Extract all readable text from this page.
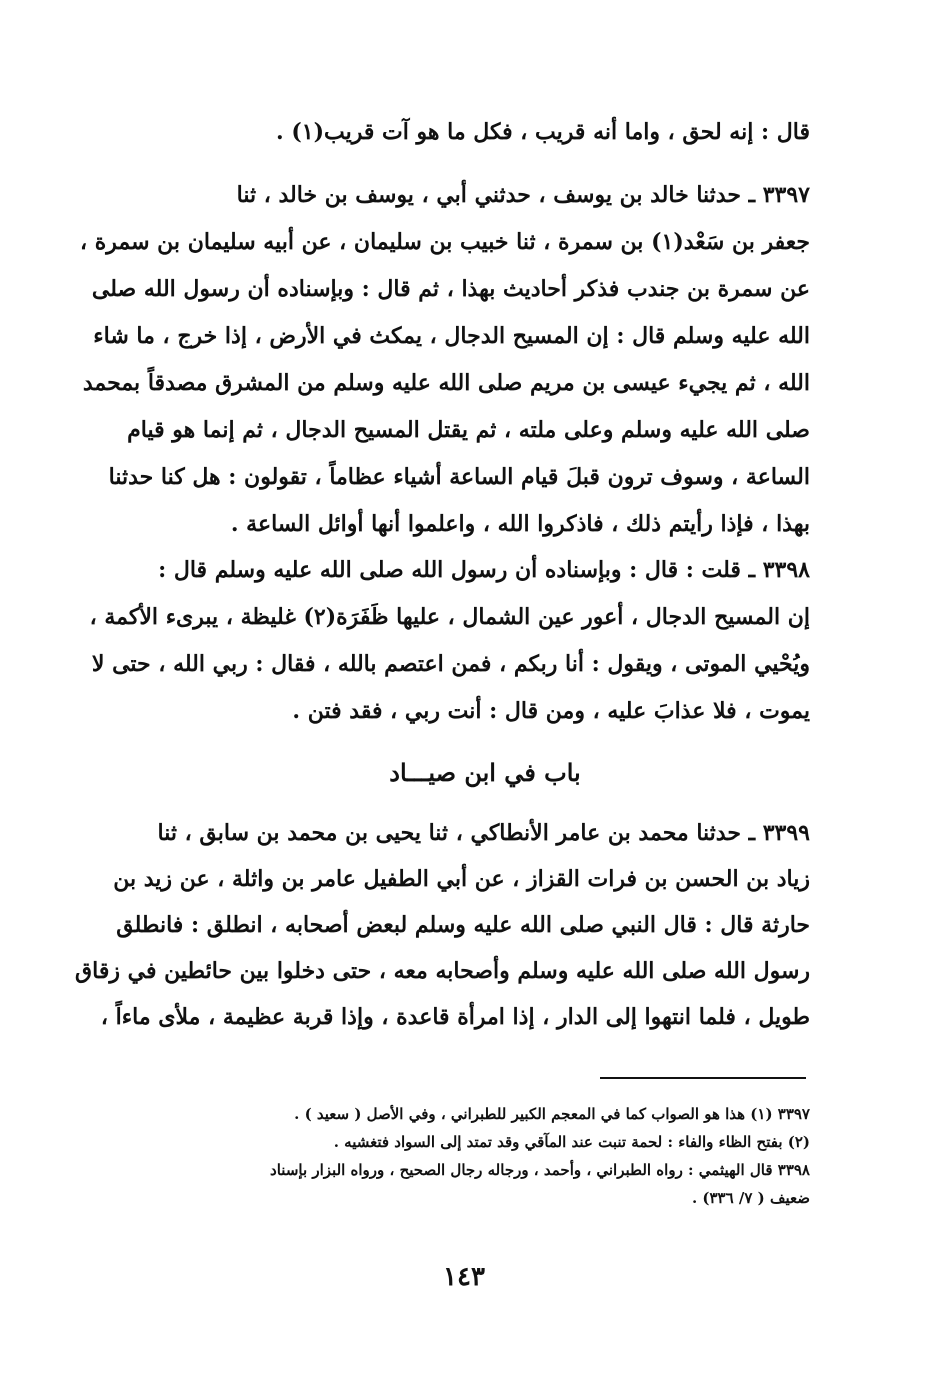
قال : إنه لحق ، واما أنه قريب ، فكل ما هو آت قريب(١) .
٣٣٩٧ ـ حدثنا خالد بن يوسف ، حدثني أبي ، يوسف بن خالد ، ثنا
جعفر بن سَعْد(١) بن سمرة ، ثنا خبيب بن سليمان ، عن أبيه سليمان بن سمرة ،
عن سمرة بن جندب فذكر أحاديث بهذا ، ثم قال : وبإسناده أن رسول الله صلى
الله عليه وسلم قال : إن المسيح الدجال ، يمكث في الأرض ، إذا خرج ، ما شاء
الله ، ثم يجيء عيسى بن مريم صلى الله عليه وسلم من المشرق مصدقاً بمحمد
صلى الله عليه وسلم وعلى ملته ، ثم يقتل المسيح الدجال ، ثم إنما هو قيام
الساعة ، وسوف ترون قبلَ قيام الساعة أشياء عظاماً ، تقولون : هل كنا حدثنا
بهذا ، فإذا رأيتم ذلك ، فاذكروا الله ، واعلموا أنها أوائل الساعة .
٣٣٩٨ ـ قلت : قال : وبإسناده أن رسول الله صلى الله عليه وسلم قال :
إن المسيح الدجال ، أعور عين الشمال ، عليها ظَفَرَة(٢) غليظة ، يبرىء الأكمة ،
ويُحْيي الموتى ، ويقول : أنا ربكم ، فمن اعتصم بالله ، فقال : ربي الله ، حتى لا
يموت ، فلا عذابَ عليه ، ومن قال : أنت ربي ، فقد فتن .
باب في ابن صيـــاد
٣٣٩٩ ـ حدثنا محمد بن عامر الأنطاكي ، ثنا يحيى بن محمد بن سابق ، ثنا
زياد بن الحسن بن فرات القزاز ، عن أبي الطفيل عامر بن واثلة ، عن زيد بن
حارثة قال : قال النبي صلى الله عليه وسلم لبعض أصحابه ، انطلق : فانطلق
رسول الله صلى الله عليه وسلم وأصحابه معه ، حتى دخلوا بين حائطين في زقاق
طويل ، فلما انتهوا إلى الدار ، إذا امرأة قاعدة ، وإذا قربة عظيمة ، ملأى ماءاً ،
٣٣٩٧ (١) هذا هو الصواب كما في المعجم الكبير للطبراني ، وفي الأصل ( سعيد ) .
(٢) بفتح الظاء والفاء : لحمة تنبت عند المآقي وقد تمتد إلى السواد فتغشيه .
٣٣٩٨ قال الهيثمي : رواه الطبراني ، وأحمد ، ورجاله رجال الصحيح ، ورواه البزار بإسناد
ضعيف ( ٧/ ٣٣٦) .
١٤٣
